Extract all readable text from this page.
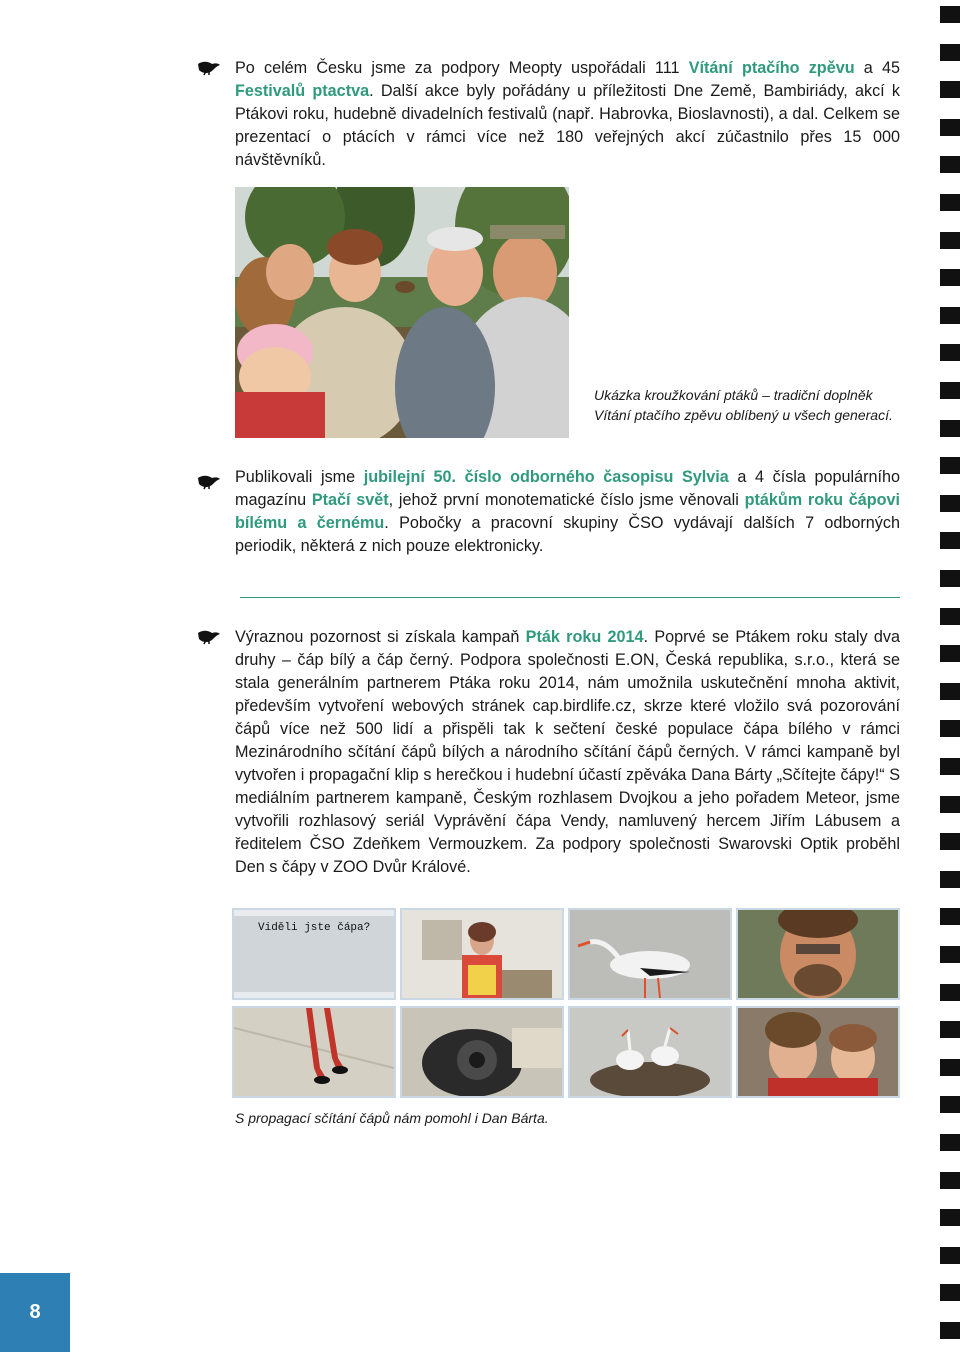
Po celém Česku jsme za podpory Meopty uspořádali 111 Vítání ptačího zpěvu a 45 Festivalů ptactva. Další akce byly pořádány u příležitosti Dne Země, Bambiriády, akcí k Ptákovi roku, hudebně divadelních festivalů (např. Habrovka, Bioslavnosti), a dal. Celkem se prezentací o ptácích v rámci více než 180 veřejných akcí zúčastnilo přes 15 000 návštěvníků.
Ukázka kroužkování ptáků – tradiční doplněk Vítání ptačího zpěvu oblíbený u všech generací.
Publikovali jsme jubilejní 50. číslo odborného časopisu Sylvia a 4 čísla populárního magazínu Ptačí svět, jehož první monotematické číslo jsme věnovali ptákům roku čápovi bílému a černému. Pobočky a pracovní skupiny ČSO vydávají dalších 7 odborných periodik, některá z nich pouze elektronicky.
Výraznou pozornost si získala kampaň Pták roku 2014. Poprvé se Ptákem roku staly dva druhy – čáp bílý a čáp černý. Podpora společnosti E.ON, Česká republika, s.r.o., která se stala generálním partnerem Ptáka roku 2014, nám umožnila uskutečnění mnoha aktivit, především vytvoření webových stránek cap.birdlife.cz, skrze které vložilo svá pozorování čápů více než 500 lidí a přispěli tak k sečtení české populace čápa bílého v rámci Mezinárodního sčítání čápů bílých a národního sčítání čápů černých. V rámci kampaně byl vytvořen i propagační klip s herečkou i hudební účastí zpěváka Dana Bárty „Sčítejte čápy!“ S mediálním partnerem kampaně, Českým rozhlasem Dvojkou a jeho pořadem Meteor, jsme vytvořili rozhlasový seriál Vyprávění čápa Vendy, namluvený hercem Jiřím Lábusem a ředitelem ČSO Zdeňkem Vermouzkem. Za podpory společnosti Swarovski Optik proběhl Den s čápy v ZOO Dvůr Králové.
Viděli jste čápa?
S propagací sčítání čápů nám pomohl i Dan Bárta.
8
